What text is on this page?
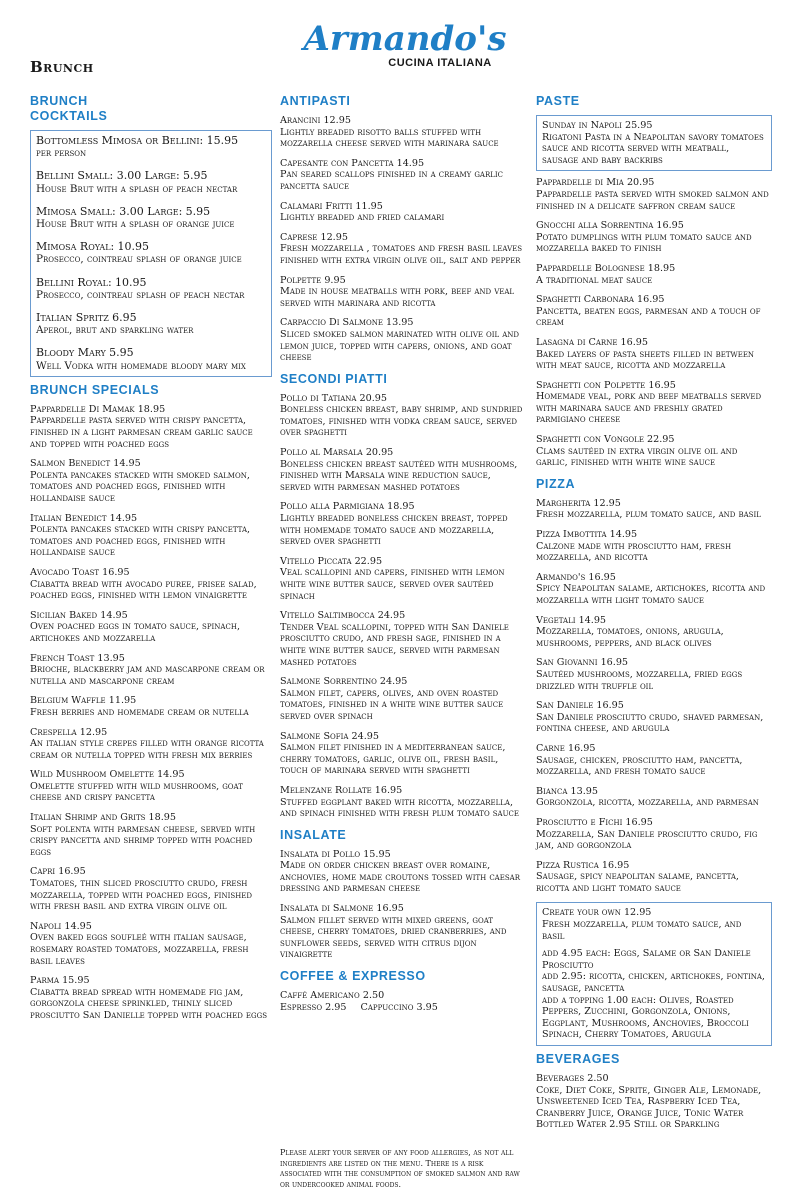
Armando's
CUCINA ITALIANA
Brunch
BRUNCH COCKTAILS
Bottomless Mimosa or Bellini: 15.95
per person
Bellini Small: 3.00 Large: 5.95
House Brut with a splash of peach nectar
Mimosa Small: 3.00 Large: 5.95
House Brut with a splash of orange juice
Mimosa Royal: 10.95
Prosecco, cointreau splash of orange juice
Bellini Royal: 10.95
Prosecco, cointreau splash of peach nectar
Italian Spritz 6.95
Aperol, brut and sparkling water
Bloody Mary 5.95
Well Vodka with homemade bloody mary mix
BRUNCH SPECIALS
Pappardelle Di Mamak 18.95
Pappardelle pasta served with crispy pancetta, finished in a light parmesan cream garlic sauce and topped with poached eggs
Salmon Benedict 14.95
Polenta pancakes stacked with smoked salmon, tomatoes and poached eggs, finished with hollandaise sauce
Italian Benedict 14.95
Polenta pancakes stacked with crispy pancetta, tomatoes and poached eggs, finished with hollandaise sauce
Avocado Toast 16.95
Ciabatta bread with avocado puree, frisee salad, poached eggs, finished with lemon vinaigrette
Sicilian Baked 14.95
Oven poached eggs in tomato sauce, spinach, artichokes and mozzarella
French Toast 13.95
Brioche, blackberry jam and mascarpone cream or nutella and mascarpone cream
Belgium Waffle 11.95
Fresh berries and homemade cream or nutella
Crespella 12.95
An italian style crepes filled with orange ricotta cream or nutella topped with fresh mix berries
Wild Mushroom Omelette 14.95
Omelette stuffed with wild mushrooms, goat cheese and crispy pancetta
Italian Shrimp and Grits 18.95
Soft polenta with parmesan cheese, served with crispy pancetta and shrimp topped with poached eggs
Capri 16.95
Tomatoes, thin sliced prosciutto crudo, fresh mozzarella, topped with poached eggs, finished with fresh basil and extra virgin olive oil
Napoli 14.95
Oven baked eggs soufleé with italian sausage, rosemary roasted tomatoes, mozzarella, fresh basil leaves
Parma 15.95
Ciabatta bread spread with homemade fig jam, gorgonzola cheese sprinkled, thinly sliced prosciutto San Danielle topped with poached eggs
ANTIPASTI
Arancini 12.95
Lightly breaded risotto balls stuffed with mozzarella cheese served with marinara sauce
Capesante con Pancetta 14.95
Pan seared scallops finished in a creamy garlic pancetta sauce
Calamari Fritti 11.95
Lightly breaded and fried calamari
Caprese 12.95
Fresh mozzarella , tomatoes and fresh basil leaves finished with extra virgin olive oil, salt and pepper
Polpette 9.95
Made in house meatballs with pork, beef and veal served with marinara and ricotta
Carpaccio Di Salmone 13.95
Sliced smoked salmon marinated with olive oil and lemon juice, topped with capers, onions, and goat cheese
SECONDI PIATTI
Pollo di Tatiana 20.95
Boneless chicken breast, baby shrimp, and sundried tomatoes, finished with vodka cream sauce, served over spaghetti
Pollo al Marsala 20.95
Boneless chicken breast sautéed with mushrooms, finished with Marsala wine reduction sauce, served with parmesan mashed potatoes
Pollo alla Parmigiana 18.95
Lightly breaded boneless chicken breast, topped with homemade tomato sauce and mozzarella, served over spaghetti
Vitello Piccata 22.95
Veal scallopini and capers, finished with lemon white wine butter sauce, served over sautéed spinach
Vitello Saltimbocca 24.95
Tender Veal scallopini, topped with San Daniele prosciutto crudo, and fresh sage, finished in a white wine butter sauce, served with parmesan mashed potatoes
Salmone Sorrentino 24.95
Salmon filet, capers, olives, and oven roasted tomatoes, finished in a white wine butter sauce served over spinach
Salmone Sofia 24.95
Salmon filet finished in a mediterranean sauce, cherry tomatoes, garlic, olive oil, fresh basil, touch of marinara served with spaghetti
Melenzane Rollate 16.95
Stuffed eggplant baked with ricotta, mozzarella, and spinach finished with fresh plum tomato sauce
INSALATE
Insalata di Pollo 15.95
Made on order chicken breast over romaine, anchovies, home made croutons tossed with caesar dressing and parmesan cheese
Insalata di Salmone 16.95
Salmon fillet served with mixed greens, goat cheese, cherry tomatoes, dried cranberries, and sunflower seeds, served with citrus dijon vinaigrette
COFFEE & EXPRESSO
Caffé Americano 2.50
Espresso 2.95 Cappuccino 3.95
Please alert your server of any food allergies, as not all ingredients are listed on the menu. There is a risk associated with the consumption of smoked salmon and raw or undercooked animal foods.
PASTE
Sunday in Napoli 25.95
Rigatoni Pasta in a Neapolitan savory tomatoes sauce and ricotta served with meatball, sausage and baby backribs
Pappardelle di Mia 20.95
Pappardelle pasta served with smoked salmon and finished in a delicate saffron cream sauce
Gnocchi alla Sorrentina 16.95
Potato dumplings with plum tomato sauce and mozzarella baked to finish
Pappardelle Bolognese 18.95
A traditional meat sauce
Spaghetti Carbonara 16.95
Pancetta, beaten eggs, parmesan and a touch of cream
Lasagna di Carne 16.95
Baked layers of pasta sheets filled in between with meat sauce, ricotta and mozzarella
Spaghetti con Polpette 16.95
Homemade veal, pork and beef meatballs served with marinara sauce and freshly grated parmigiano cheese
Spaghetti con Vongole 22.95
Clams sautéed in extra virgin olive oil and garlic, finished with white wine sauce
PIZZA
Margherita 12.95
Fresh mozzarella, plum tomato sauce, and basil
Pizza Imbottita 14.95
Calzone made with prosciutto ham, fresh mozzarella, and ricotta
Armando's 16.95
Spicy Neapolitan salame, artichokes, ricotta and mozzarella with light tomato sauce
Vegetali 14.95
Mozzarella, tomatoes, onions, arugula, mushrooms, peppers, and black olives
San Giovanni 16.95
Sautéed mushrooms, mozzarella, fried eggs drizzled with truffle oil
San Daniele 16.95
San Daniele prosciutto crudo, shaved parmesan, fontina cheese, and arugula
Carne 16.95
Sausage, chicken, prosciutto ham, pancetta, mozzarella, and fresh tomato sauce
Bianca 13.95
Gorgonzola, ricotta, mozzarella, and parmesan
Prosciutto e Fichi 16.95
Mozzarella, San Daniele prosciutto crudo, fig jam, and gorgonzola
Pizza Rustica 16.95
Sausage, spicy neapolitan salame, pancetta, ricotta and light tomato sauce
Create your own 12.95
Fresh mozzarella, plum tomato sauce, and basil
add 4.95 each: Eggs, Salame or San Daniele Prosciutto
add 2.95: ricotta, chicken, artichokes, fontina, sausage, pancetta
add a topping 1.00 each: Olives, Roasted Peppers, Zucchini, Gorgonzola, Onions, Eggplant, Mushrooms, Anchovies, Broccoli Spinach, Cherry Tomatoes, Arugula
BEVERAGES
Beverages 2.50
Coke, Diet Coke, Sprite, Ginger Ale, Lemonade, Unsweetened Iced Tea, Raspberry Iced Tea, Cranberry Juice, Orange Juice, Tonic Water
Bottled Water 2.95 Still or Sparkling
